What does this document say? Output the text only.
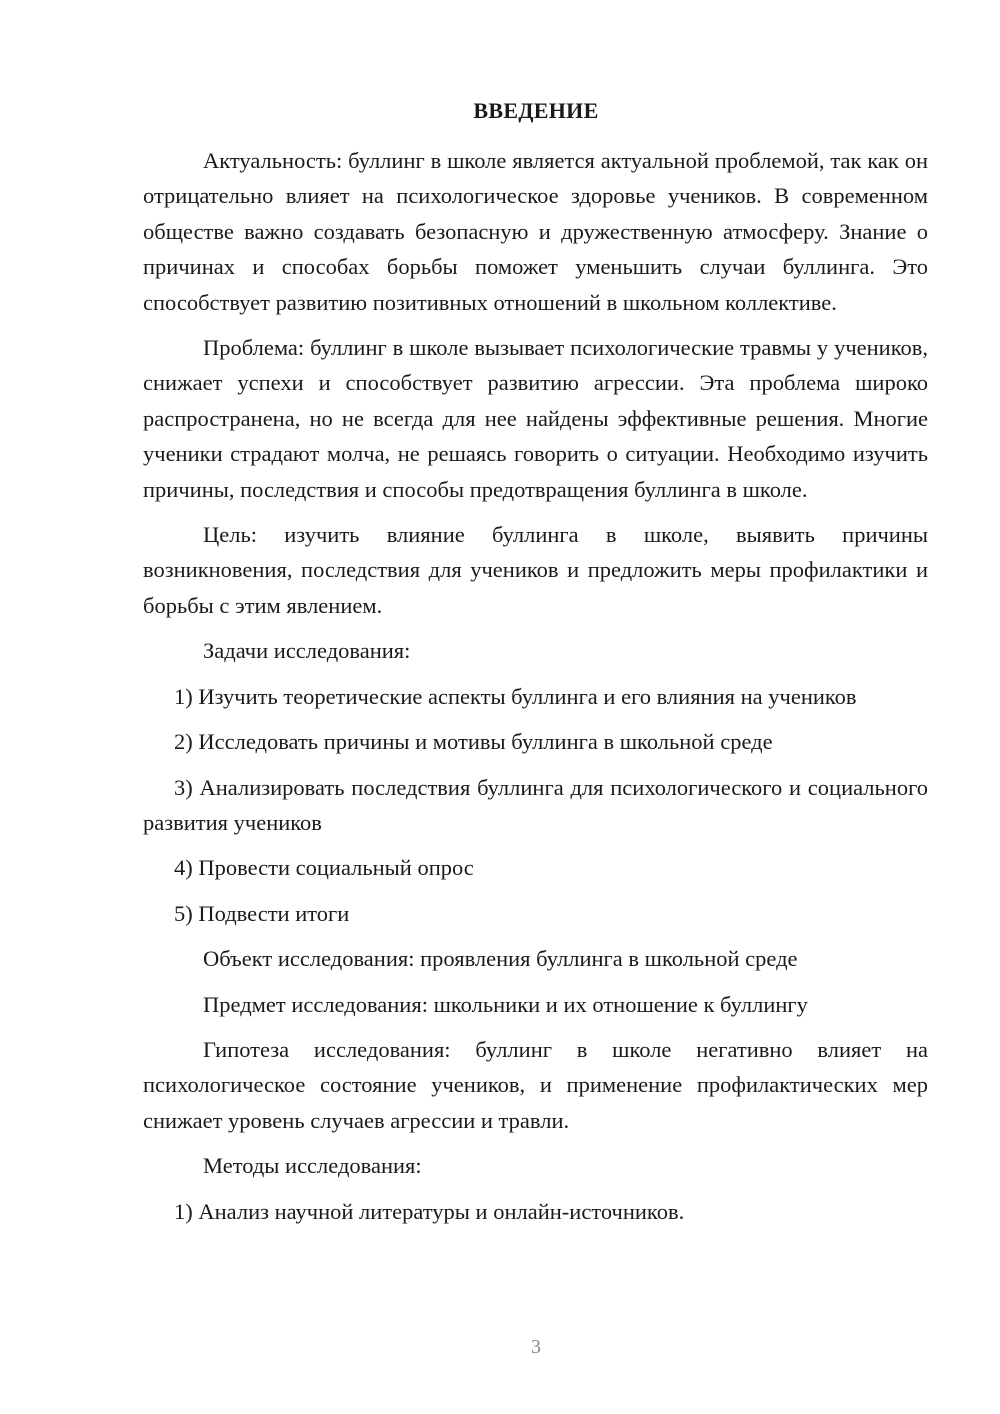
ВВЕДЕНИЕ

Актуальность: буллинг в школе является актуальной проблемой, так как он отрицательно влияет на психологическое здоровье учеников. В современном обществе важно создавать безопасную и дружественную атмосферу. Знание о причинах и способах борьбы поможет уменьшить случаи буллинга. Это способствует развитию позитивных отношений в школьном коллективе.

Проблема: буллинг в школе вызывает психологические травмы у учеников, снижает успехи и способствует развитию агрессии. Эта проблема широко распространена, но не всегда для нее найдены эффективные решения. Многие ученики страдают молча, не решаясь говорить о ситуации. Необходимо изучить причины, последствия и способы предотвращения буллинга в школе.

Цель: изучить влияние буллинга в школе, выявить причины возникновения, последствия для учеников и предложить меры профилактики и борьбы с этим явлением.

Задачи исследования:

1) Изучить теоретические аспекты буллинга и его влияния на учеников

2) Исследовать причины и мотивы буллинга в школьной среде

3) Анализировать последствия буллинга для психологического и социального развития учеников

4) Провести социальный опрос

5) Подвести итоги

Объект исследования: проявления буллинга в школьной среде

Предмет исследования: школьники и их отношение к буллингу

Гипотеза исследования: буллинг в школе негативно влияет на психологическое состояние учеников, и применение профилактических мер снижает уровень случаев агрессии и травли.

Методы исследования:

1) Анализ научной литературы и онлайн-источников.

3
